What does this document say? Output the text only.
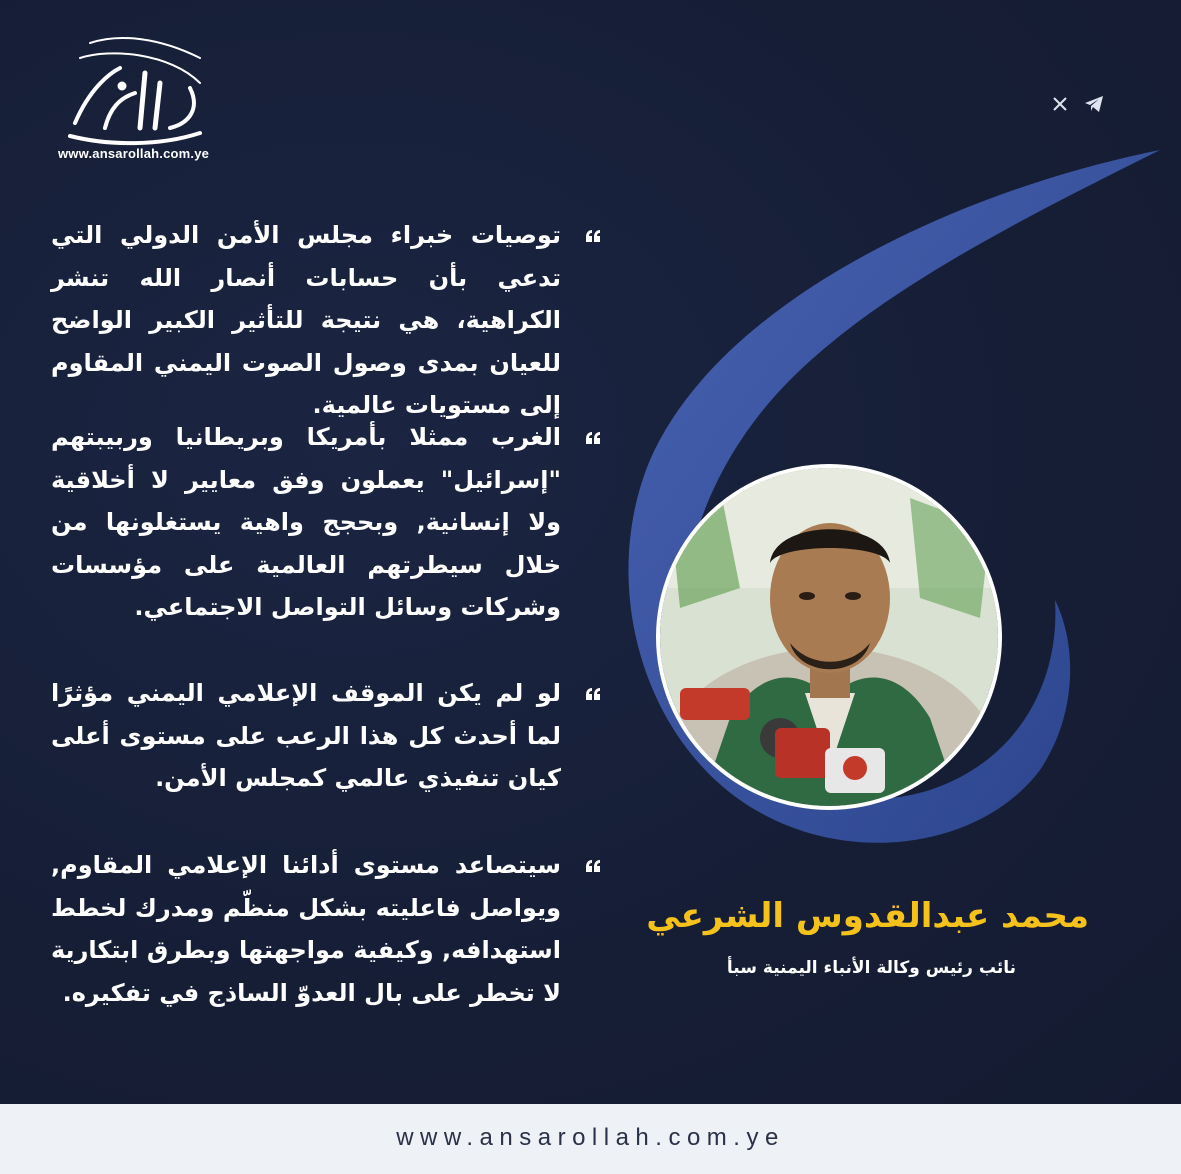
www.ansarollah.com.ye

توصيات خبراء مجلس الأمن الدولي التي تدعي بأن حسابات أنصار الله تنشر الكراهية، هي نتيجة للتأثير الكبير الواضح للعيان بمدى وصول الصوت اليمني المقاوم إلى مستويات عالمية.

الغرب ممثلا بأمريكا وبريطانيا وربيبتهم "إسرائيل" يعملون وفق معايير لا أخلاقية ولا إنسانية, وبحجج واهية يستغلونها من خلال سيطرتهم العالمية على مؤسسات وشركات وسائل التواصل الاجتماعي.

لو لم يكن الموقف الإعلامي اليمني مؤثرًا لما أحدث كل هذا الرعب على مستوى أعلى كيان تنفيذي عالمي كمجلس الأمن.

سيتصاعد مستوى أدائنا الإعلامي المقاوم, ويواصل فاعليته بشكل منظّم ومدرك لخطط استهدافه, وكيفية مواجهتها وبطرق ابتكارية لا تخطر على بال العدوّ الساذج في تفكيره.

محمد عبدالقدوس الشرعي
نائب رئيس وكالة الأنباء اليمنية سبأ
www.ansarollah.com.ye
